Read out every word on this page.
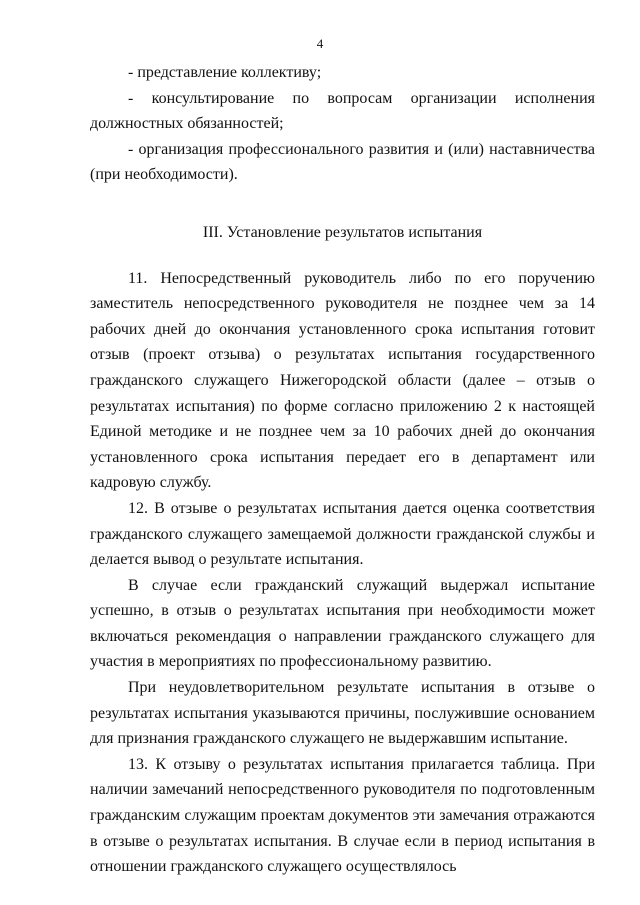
4

- представление коллективу;

- консультирование по вопросам организации исполнения должностных обязанностей;

- организация профессионального развития и (или) наставничества (при необходимости).

III. Установление результатов испытания

11. Непосредственный руководитель либо по его поручению заместитель непосредственного руководителя не позднее чем за 14 рабочих дней до окончания установленного срока испытания готовит отзыв (проект отзыва) о результатах испытания государственного гражданского служащего Нижегородской области (далее – отзыв о результатах испытания) по форме согласно приложению 2 к настоящей Единой методике и не позднее чем за 10 рабочих дней до окончания установленного срока испытания передает его в департамент или кадровую службу.

12. В отзыве о результатах испытания дается оценка соответствия гражданского служащего замещаемой должности гражданской службы и делается вывод о результате испытания.

В случае если гражданский служащий выдержал испытание успешно, в отзыв о результатах испытания при необходимости может включаться рекомендация о направлении гражданского служащего для участия в мероприятиях по профессиональному развитию.

При неудовлетворительном результате испытания в отзыве о результатах испытания указываются причины, послужившие основанием для признания гражданского служащего не выдержавшим испытание.

13. К отзыву о результатах испытания прилагается таблица. При наличии замечаний непосредственного руководителя по подготовленным гражданским служащим проектам документов эти замечания отражаются в отзыве о результатах испытания. В случае если в период испытания в отношении гражданского служащего осуществлялось
